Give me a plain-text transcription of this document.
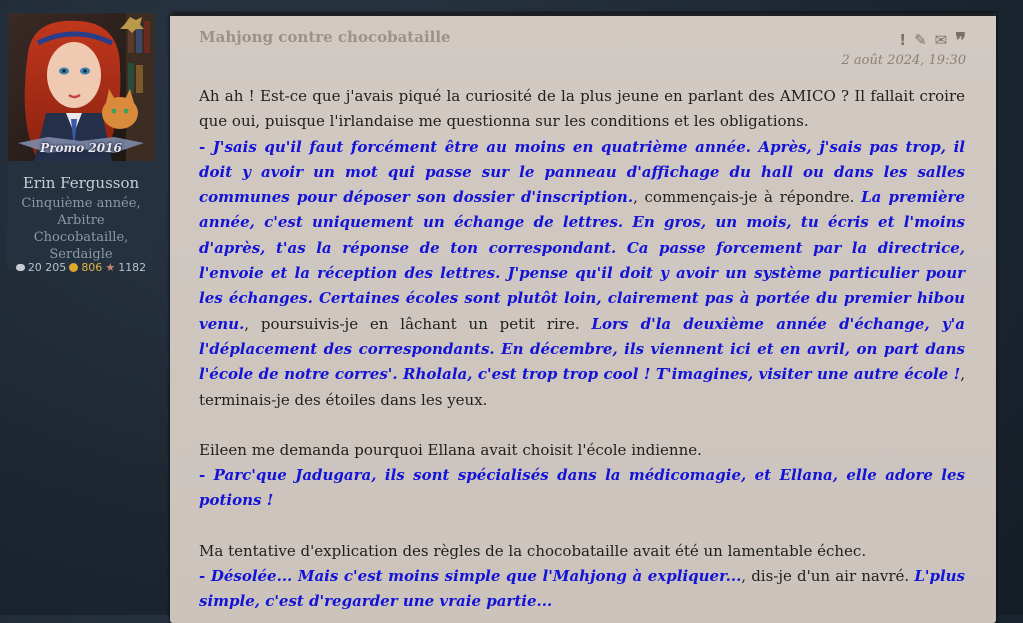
Promo 2016
Erin Fergusson
Cinquième année,
Arbitre Chocobataille,
Serdaigle
20 205 806 ★ 1182
Mahjong contre chocobataille	! ✎ ✉ ❞
2 août 2024, 19:30

Ah ah ! Est-ce que j'avais piqué la curiosité de la plus jeune en parlant des AMICO ? Il fallait croire que oui, puisque l'irlandaise me questionna sur les conditions et les obligations.

- J'sais qu'il faut forcément être au moins en quatrième année. Après, j'sais pas trop, il doit y avoir un mot qui passe sur le panneau d'affichage du hall ou dans les salles communes pour déposer son dossier d'inscription., commençais-je à répondre. La première année, c'est uniquement un échange de lettres. En gros, un mois, tu écris et l'moins d'après, t'as la réponse de ton correspondant. Ca passe forcement par la directrice, l'envoie et la réception des lettres. J'pense qu'il doit y avoir un système particulier pour les échanges. Certaines écoles sont plutôt loin, clairement pas à portée du premier hibou venu., poursuivis-je en lâchant un petit rire. Lors d'la deuxième année d'échange, y'a l'déplacement des correspondants. En décembre, ils viennent ici et en avril, on part dans l'école de notre corres'. Rholala, c'est trop trop cool ! T'imagines, visiter une autre école !, terminais-je des étoiles dans les yeux.

Eileen me demanda pourquoi Ellana avait choisit l'école indienne.

- Parc'que Jadugara, ils sont spécialisés dans la médicomagie, et Ellana, elle adore les potions !

Ma tentative d'explication des règles de la chocobataille avait été un lamentable échec.

- Désolée... Mais c'est moins simple que l'Mahjong à expliquer..., dis-je d'un air navré. L'plus simple, c'est d'regarder une vraie partie...
